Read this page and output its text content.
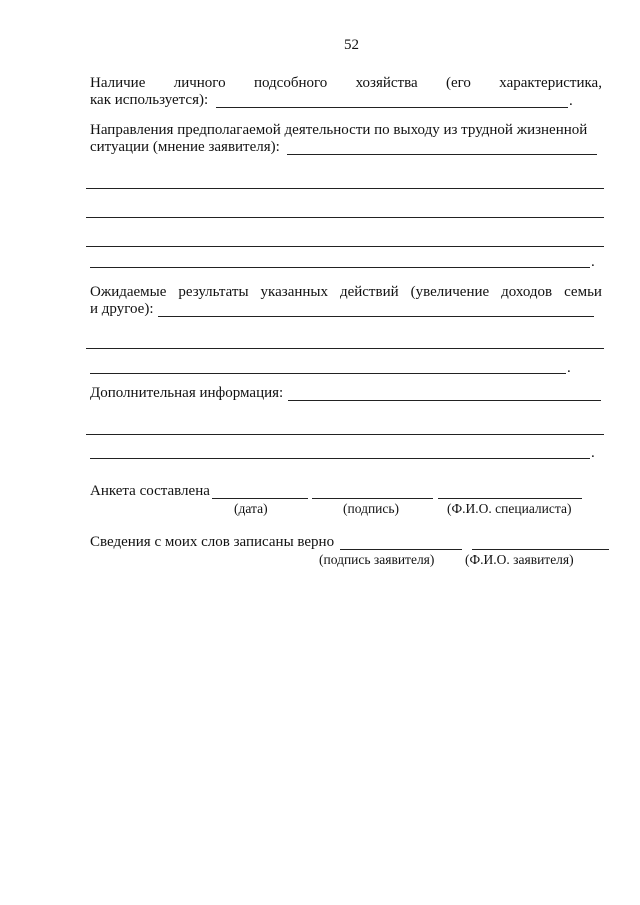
52
Наличие личного подсобного хозяйства (его характеристика,
как используется):	.
Направления предполагаемой деятельности по выходу из трудной жизненной
ситуации (мнение заявителя):
.
Ожидаемые результаты указанных действий (увеличение доходов семьи
и другое):
.
Дополнительная информация:
.
Анкета составлена
(дата)	(подпись)	(Ф.И.О. специалиста)
Сведения с моих слов записаны верно
(подпись заявителя) (Ф.И.О. заявителя)
